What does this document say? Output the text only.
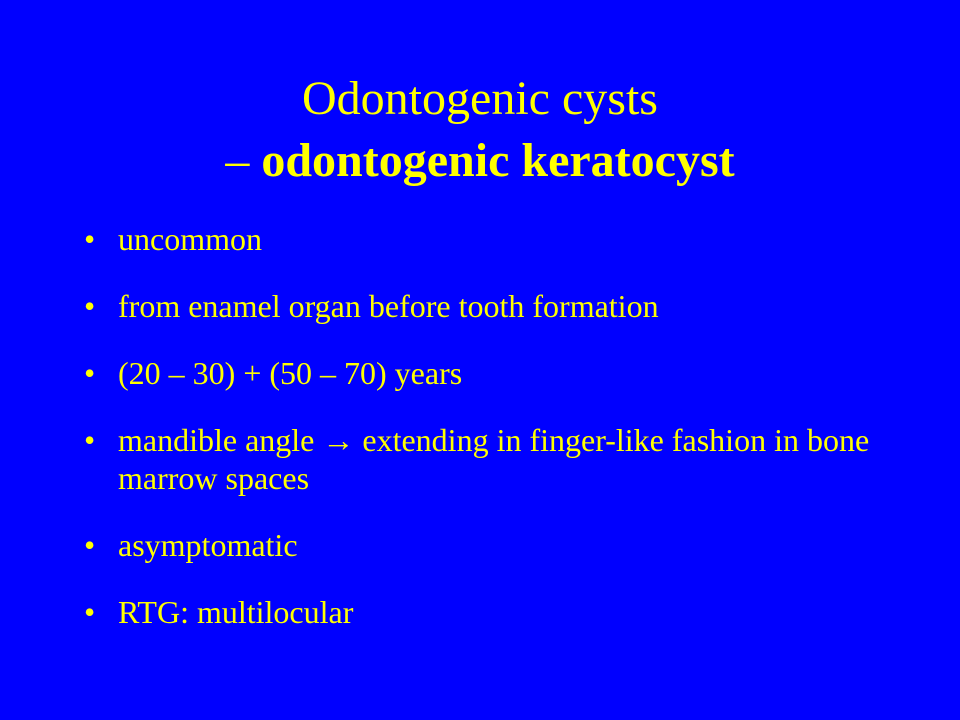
Odontogenic cysts
– odontogenic keratocyst
• uncommon
• from enamel organ before tooth formation
• (20 – 30) + (50 – 70) years
• mandible angle → extending in finger-like fashion in bone marrow spaces
• asymptomatic
• RTG: multilocular
